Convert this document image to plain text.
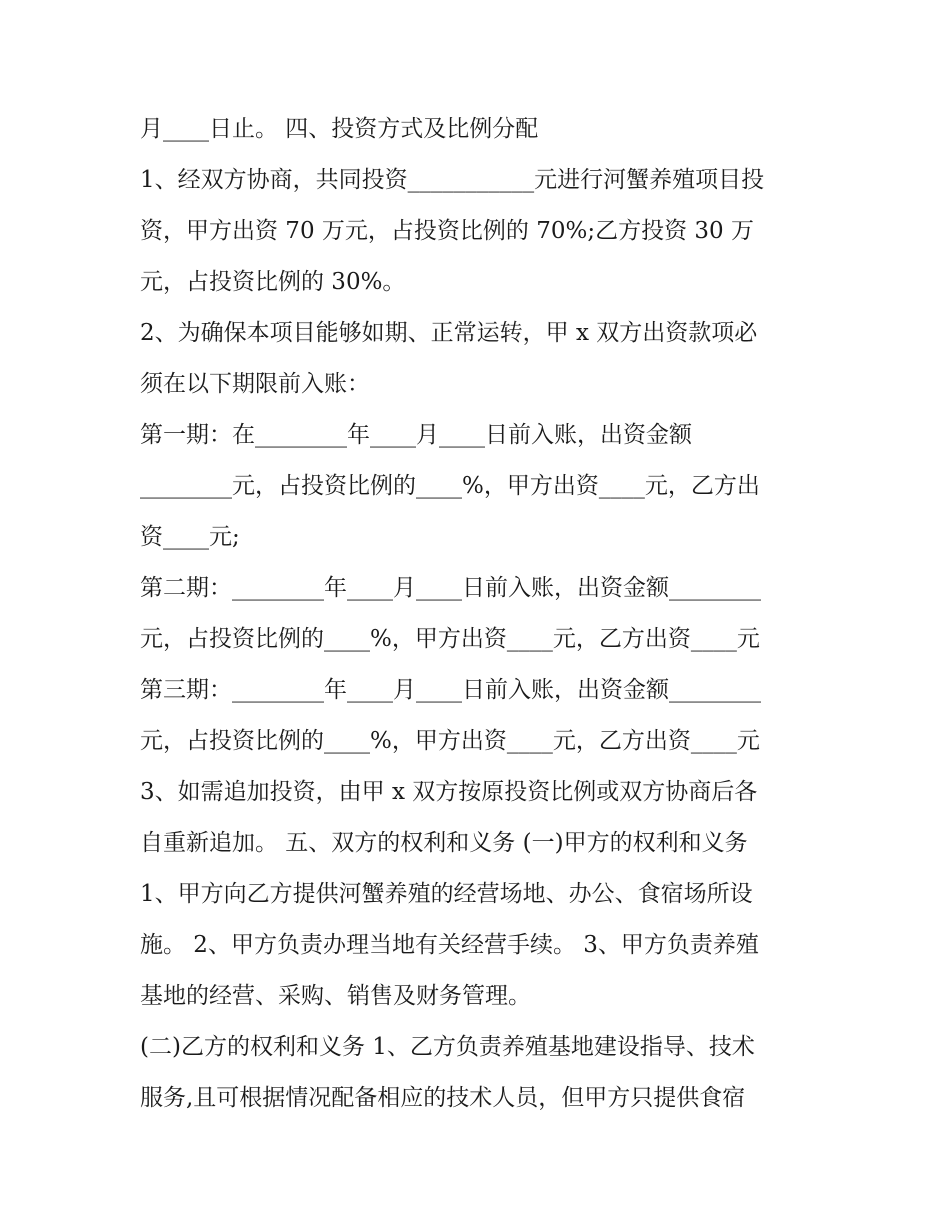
月____日止。 四、投资方式及比例分配

1、经双方协商，共同投资___________元进行河蟹养殖项目投

资，甲方出资 70 万元，占投资比例的 70%;乙方投资 30 万

元，占投资比例的 30%。

2、为确保本项目能够如期、正常运转，甲 x 双方出资款项必

须在以下期限前入账：

第一期：在________年____月____日前入账，出资金额

________元，占投资比例的____%，甲方出资____元，乙方出

资____元;

第二期：________年____月____日前入账，出资金额________

元，占投资比例的____%，甲方出资____元，乙方出资____元

第三期：________年____月____日前入账，出资金额________

元，占投资比例的____%，甲方出资____元，乙方出资____元

3、如需追加投资，由甲 x 双方按原投资比例或双方协商后各

自重新追加。 五、双方的权利和义务 (一)甲方的权利和义务

1、甲方向乙方提供河蟹养殖的经营场地、办公、食宿场所设

施。 2、甲方负责办理当地有关经营手续。 3、甲方负责养殖

基地的经营、采购、销售及财务管理。

(二)乙方的权利和义务 1、乙方负责养殖基地建设指导、技术

服务,且可根据情况配备相应的技术人员，但甲方只提供食宿
